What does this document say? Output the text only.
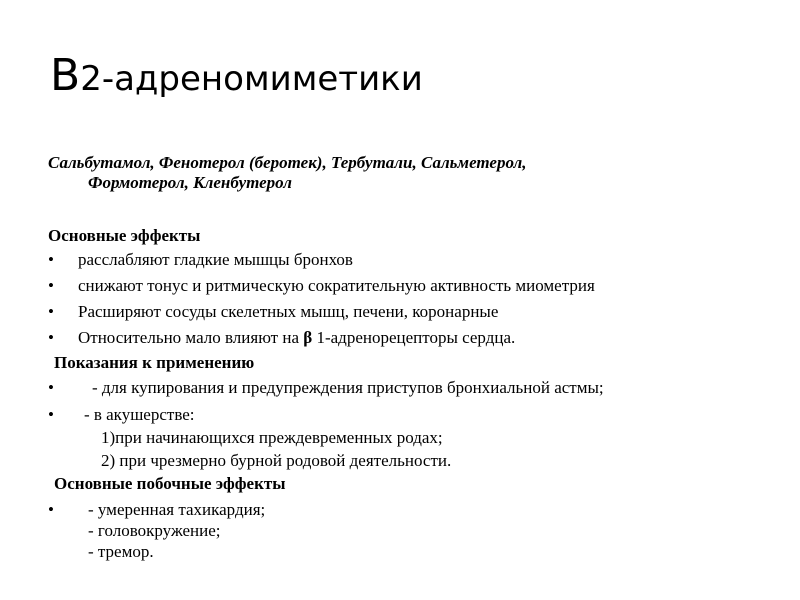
B2-адреномиметики
Сальбутамол, Фенотерол (беротек), Тербутали, Сальметерол,
Формотерол, Кленбутерол
Основные эффекты
• расслабляют гладкие мышцы бронхов
• снижают тонус и ритмическую сократительную активность миометрия
• Расширяют сосуды скелетных мышц, печени, коронарные
• Относительно мало влияют на β 1-адренорецепторы сердца.
Показания к применению
• - для купирования и предупреждения приступов бронхиальной астмы;
• - в акушерстве:
1)при начинающихся преждевременных родах;
2) при чрезмерно бурной родовой деятельности.
Основные побочные эффекты
• - умеренная тахикардия;
- головокружение;
- тремор.
